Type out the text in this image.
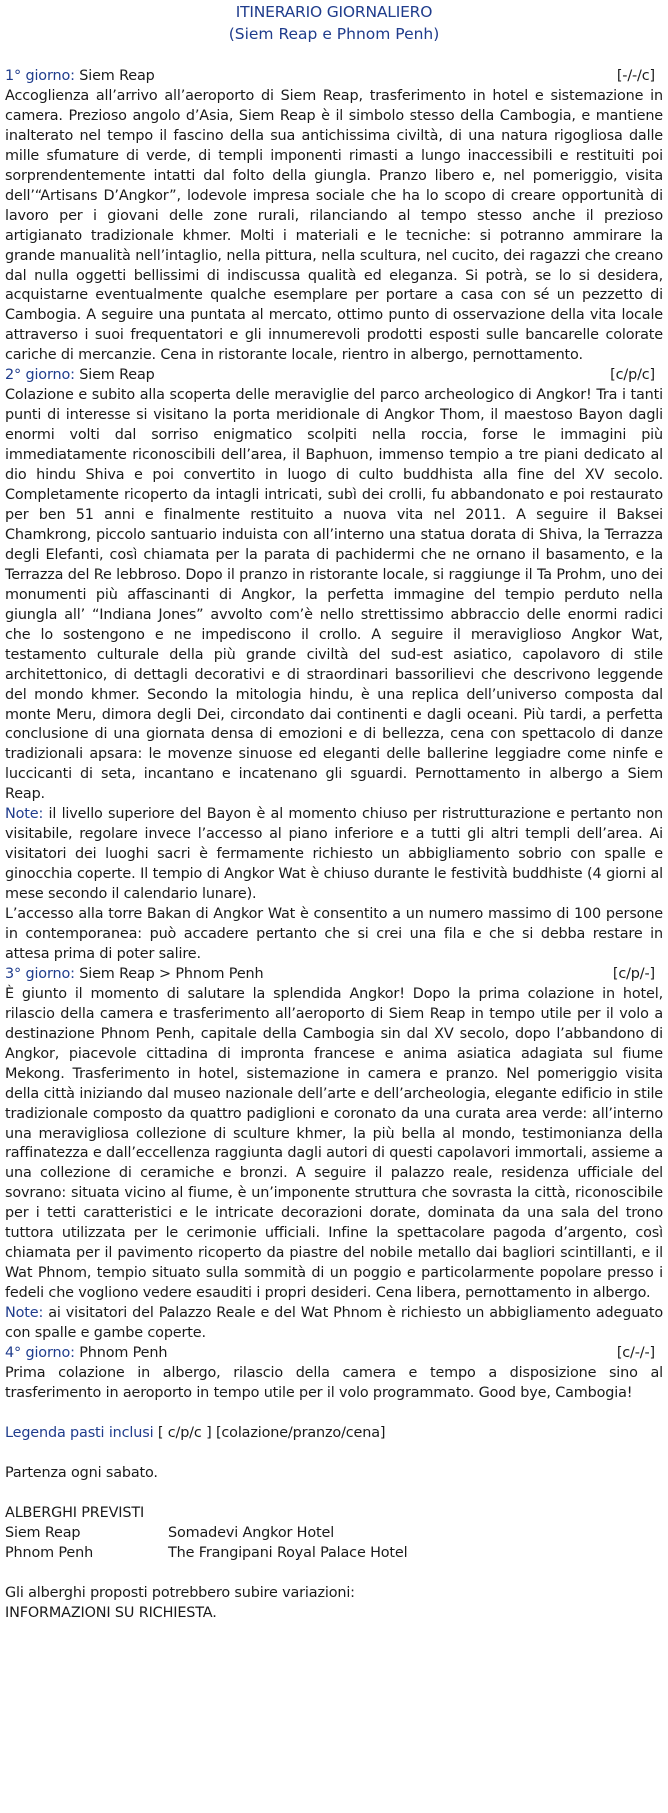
ITINERARIO GIORNALIERO
(Siem Reap e Phnom Penh)
1° giorno: Siem Reap	[-/-/c]

Accoglienza all’arrivo all’aeroporto di Siem Reap, trasferimento in hotel e sistemazione in camera. Prezioso angolo d’Asia, Siem Reap è il simbolo stesso della Cambogia, e mantiene inalterato nel tempo il fascino della sua antichissima civiltà, di una natura rigogliosa dalle mille sfumature di verde, di templi imponenti rimasti a lungo inaccessibili e restituiti poi sorprendentemente intatti dal folto della giungla. Pranzo libero e, nel pomeriggio, visita dell’“Artisans D’Angkor”, lodevole impresa sociale che ha lo scopo di creare opportunità di lavoro per i giovani delle zone rurali, rilanciando al tempo stesso anche il prezioso artigianato tradizionale khmer. Molti i materiali e le tecniche: si potranno ammirare la grande manualità nell’intaglio, nella pittura, nella scultura, nel cucito, dei ragazzi che creano dal nulla oggetti bellissimi di indiscussa qualità ed eleganza. Si potrà, se lo si desidera, acquistarne eventualmente qualche esemplare per portare a casa con sé un pezzetto di Cambogia. A seguire una puntata al mercato, ottimo punto di osservazione della vita locale attraverso i suoi frequentatori e gli innumerevoli prodotti esposti sulle bancarelle colorate cariche di mercanzie. Cena in ristorante locale, rientro in albergo, pernottamento.

2° giorno: Siem Reap	[c/p/c]

Colazione e subito alla scoperta delle meraviglie del parco archeologico di Angkor! Tra i tanti punti di interesse si visitano la porta meridionale di Angkor Thom, il maestoso Bayon dagli enormi volti dal sorriso enigmatico scolpiti nella roccia, forse le immagini più immediatamente riconoscibili dell’area, il Baphuon, immenso tempio a tre piani dedicato al dio hindu Shiva e poi convertito in luogo di culto buddhista alla fine del XV secolo. Completamente ricoperto da intagli intricati, subì dei crolli, fu abbandonato e poi restaurato per ben 51 anni e finalmente restituito a nuova vita nel 2011. A seguire il Baksei Chamkrong, piccolo santuario induista con all’interno una statua dorata di Shiva, la Terrazza degli Elefanti, così chiamata per la parata di pachidermi che ne ornano il basamento, e la Terrazza del Re lebbroso. Dopo il pranzo in ristorante locale, si raggiunge il Ta Prohm, uno dei monumenti più affascinanti di Angkor, la perfetta immagine del tempio perduto nella giungla all’ “Indiana Jones” avvolto com’è nello strettissimo abbraccio delle enormi radici che lo sostengono e ne impediscono il crollo. A seguire il meraviglioso Angkor Wat, testamento culturale della più grande civiltà del sud-est asiatico, capolavoro di stile architettonico, di dettagli decorativi e di straordinari bassorilievi che descrivono leggende del mondo khmer. Secondo la mitologia hindu, è una replica dell’universo composta dal monte Meru, dimora degli Dei, circondato dai continenti e dagli oceani. Più tardi, a perfetta conclusione di una giornata densa di emozioni e di bellezza, cena con spettacolo di danze tradizionali apsara: le movenze sinuose ed eleganti delle ballerine leggiadre come ninfe e luccicanti di seta, incantano e incatenano gli sguardi. Pernottamento in albergo a Siem Reap.

Note: il livello superiore del Bayon è al momento chiuso per ristrutturazione e pertanto non visitabile, regolare invece l’accesso al piano inferiore e a tutti gli altri templi dell’area. Ai visitatori dei luoghi sacri è fermamente richiesto un abbigliamento sobrio con spalle e ginocchia coperte. Il tempio di Angkor Wat è chiuso durante le festività buddhiste (4 giorni al mese secondo il calendario lunare).

L’accesso alla torre Bakan di Angkor Wat è consentito a un numero massimo di 100 persone in contemporanea: può accadere pertanto che si crei una fila e che si debba restare in attesa prima di poter salire.

3° giorno: Siem Reap > Phnom Penh	[c/p/-]

È giunto il momento di salutare la splendida Angkor! Dopo la prima colazione in hotel, rilascio della camera e trasferimento all’aeroporto di Siem Reap in tempo utile per il volo a destinazione Phnom Penh, capitale della Cambogia sin dal XV secolo, dopo l’abbandono di Angkor, piacevole cittadina di impronta francese e anima asiatica adagiata sul fiume Mekong. Trasferimento in hotel, sistemazione in camera e pranzo. Nel pomeriggio visita della città iniziando dal museo nazionale dell’arte e dell’archeologia, elegante edificio in stile tradizionale composto da quattro padiglioni e coronato da una curata area verde: all’interno una meravigliosa collezione di sculture khmer, la più bella al mondo, testimonianza della raffinatezza e dall’eccellenza raggiunta dagli autori di questi capolavori immortali, assieme a una collezione di ceramiche e bronzi. A seguire il palazzo reale, residenza ufficiale del sovrano: situata vicino al fiume, è un’imponente struttura che sovrasta la città, riconoscibile per i tetti caratteristici e le intricate decorazioni dorate, dominata da una sala del trono tuttora utilizzata per le cerimonie ufficiali. Infine la spettacolare pagoda d’argento, così chiamata per il pavimento ricoperto da piastre del nobile metallo dai bagliori scintillanti, e il Wat Phnom, tempio situato sulla sommità di un poggio e particolarmente popolare presso i fedeli che vogliono vedere esauditi i propri desideri. Cena libera, pernottamento in albergo.

Note: ai visitatori del Palazzo Reale e del Wat Phnom è richiesto un abbigliamento adeguato con spalle e gambe coperte.

4° giorno: Phnom Penh	[c/-/-]

Prima colazione in albergo, rilascio della camera e tempo a disposizione sino al trasferimento in aeroporto in tempo utile per il volo programmato. Good bye, Cambogia!

Legenda pasti inclusi [ c/p/c ] [colazione/pranzo/cena]

Partenza ogni sabato.

ALBERGHI PREVISTI

Siem Reap	Somadevi Angkor Hotel
Phnom Penh	The Frangipani Royal Palace Hotel

Gli alberghi proposti potrebbero subire variazioni:

INFORMAZIONI SU RICHIESTA.
